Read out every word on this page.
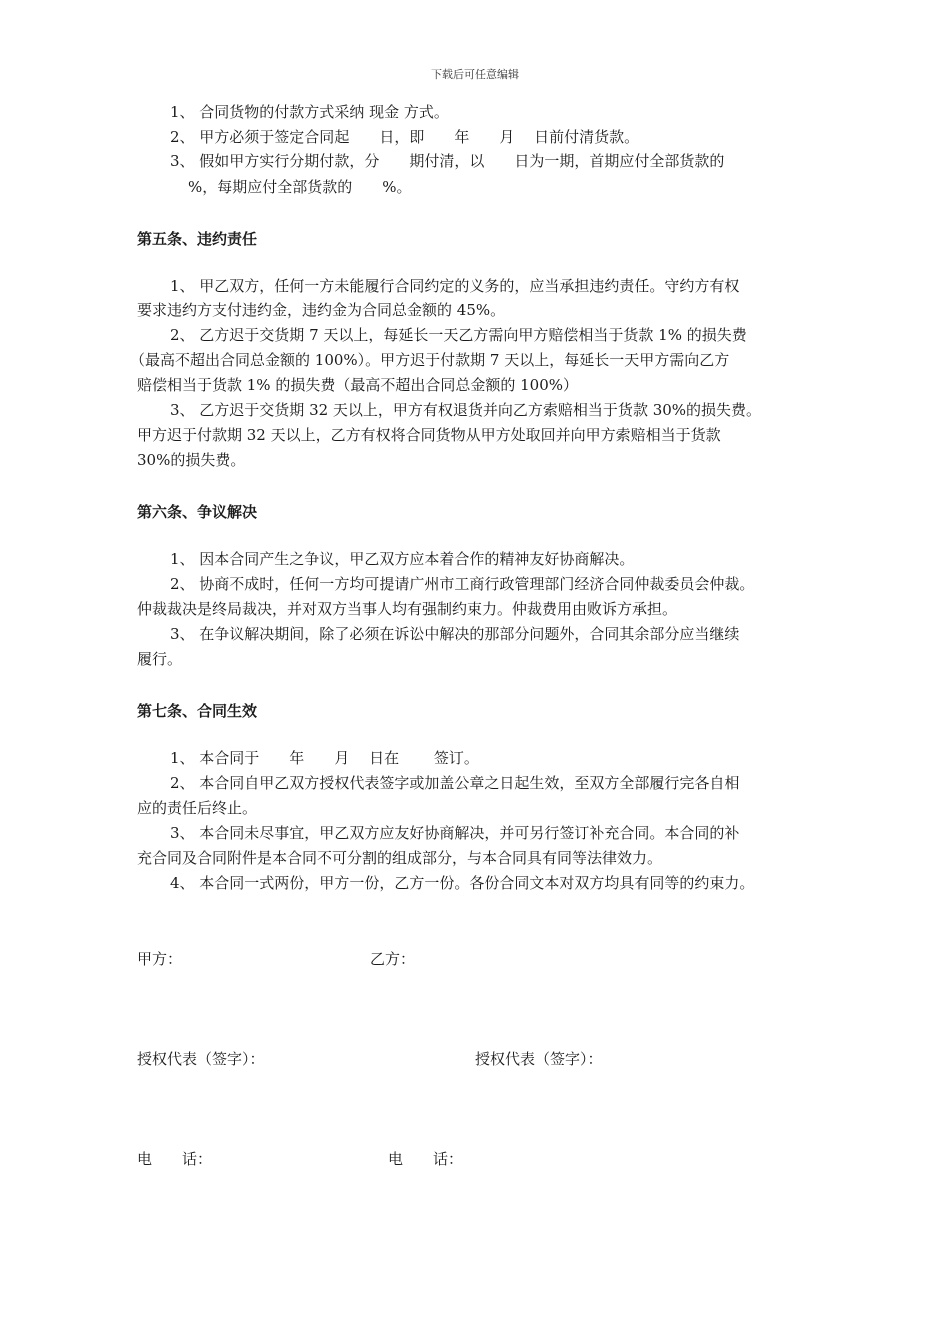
下载后可任意编辑
1、 合同货物的付款方式采纳 现金 方式。
2、 甲方必须于签定合同起　　日，即　　年　　月　 日前付清货款。
3、 假如甲方实行分期付款，分　　期付清，以　　日为一期，首期应付全部货款的
%，每期应付全部货款的　　%。
第五条、违约责任
1、 甲乙双方，任何一方未能履行合同约定的义务的，应当承担违约责任。守约方有权
要求违约方支付违约金，违约金为合同总金额的 45%。
2、 乙方迟于交货期 7 天以上，每延长一天乙方需向甲方赔偿相当于货款 1% 的损失费
（最高不超出合同总金额的 100%）。甲方迟于付款期 7 天以上，每延长一天甲方需向乙方
赔偿相当于货款 1% 的损失费（最高不超出合同总金额的 100%）
3、 乙方迟于交货期 32 天以上，甲方有权退货并向乙方索赔相当于货款 30%的损失费。
甲方迟于付款期 32 天以上，乙方有权将合同货物从甲方处取回并向甲方索赔相当于货款
30%的损失费。
第六条、争议解决
1、 因本合同产生之争议，甲乙双方应本着合作的精神友好协商解决。
2、 协商不成时，任何一方均可提请广州市工商行政管理部门经济合同仲裁委员会仲裁。
仲裁裁决是终局裁决，并对双方当事人均有强制约束力。仲裁费用由败诉方承担。
3、 在争议解决期间，除了必须在诉讼中解决的那部分问题外，合同其余部分应当继续
履行。
第七条、合同生效
1、 本合同于　　年　　月　 日在　　 签订。
2、 本合同自甲乙双方授权代表签字或加盖公章之日起生效，至双方全部履行完各自相
应的责任后终止。
3、 本合同未尽事宜，甲乙双方应友好协商解决，并可另行签订补充合同。本合同的补
充合同及合同附件是本合同不可分割的组成部分，与本合同具有同等法律效力。
4、 本合同一式两份，甲方一份，乙方一份。各份合同文本对双方均具有同等的约束力。
甲方：	乙方：
授权代表（签字）：	授权代表（签字）：
电　　话：	电　　话：
